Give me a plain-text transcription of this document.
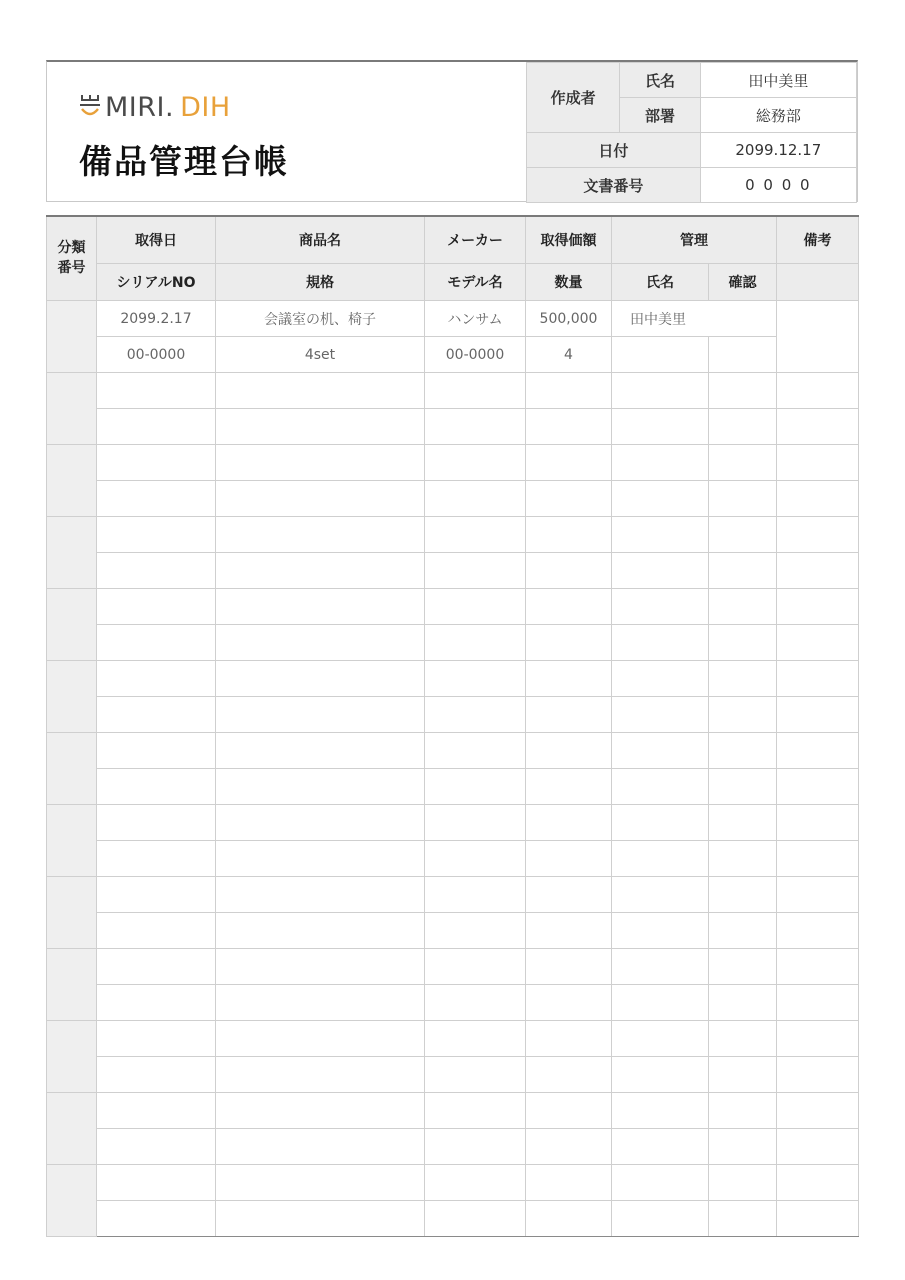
MIRI. DIH
備品管理台帳
作成者	氏名	田中美里
	部署	総務部
日付		2099.12.17
文書番号		0 0 0 0
分類
番号	取得日	商品名	メーカー	取得価額	管理		備考
	シリアルNO	規格	モデル名	数量	氏名	確認	
	2099.2.17	会議室の机、椅子	ハンサム	500,000	田中美里		
	00-0000	4set	00-0000	4			
